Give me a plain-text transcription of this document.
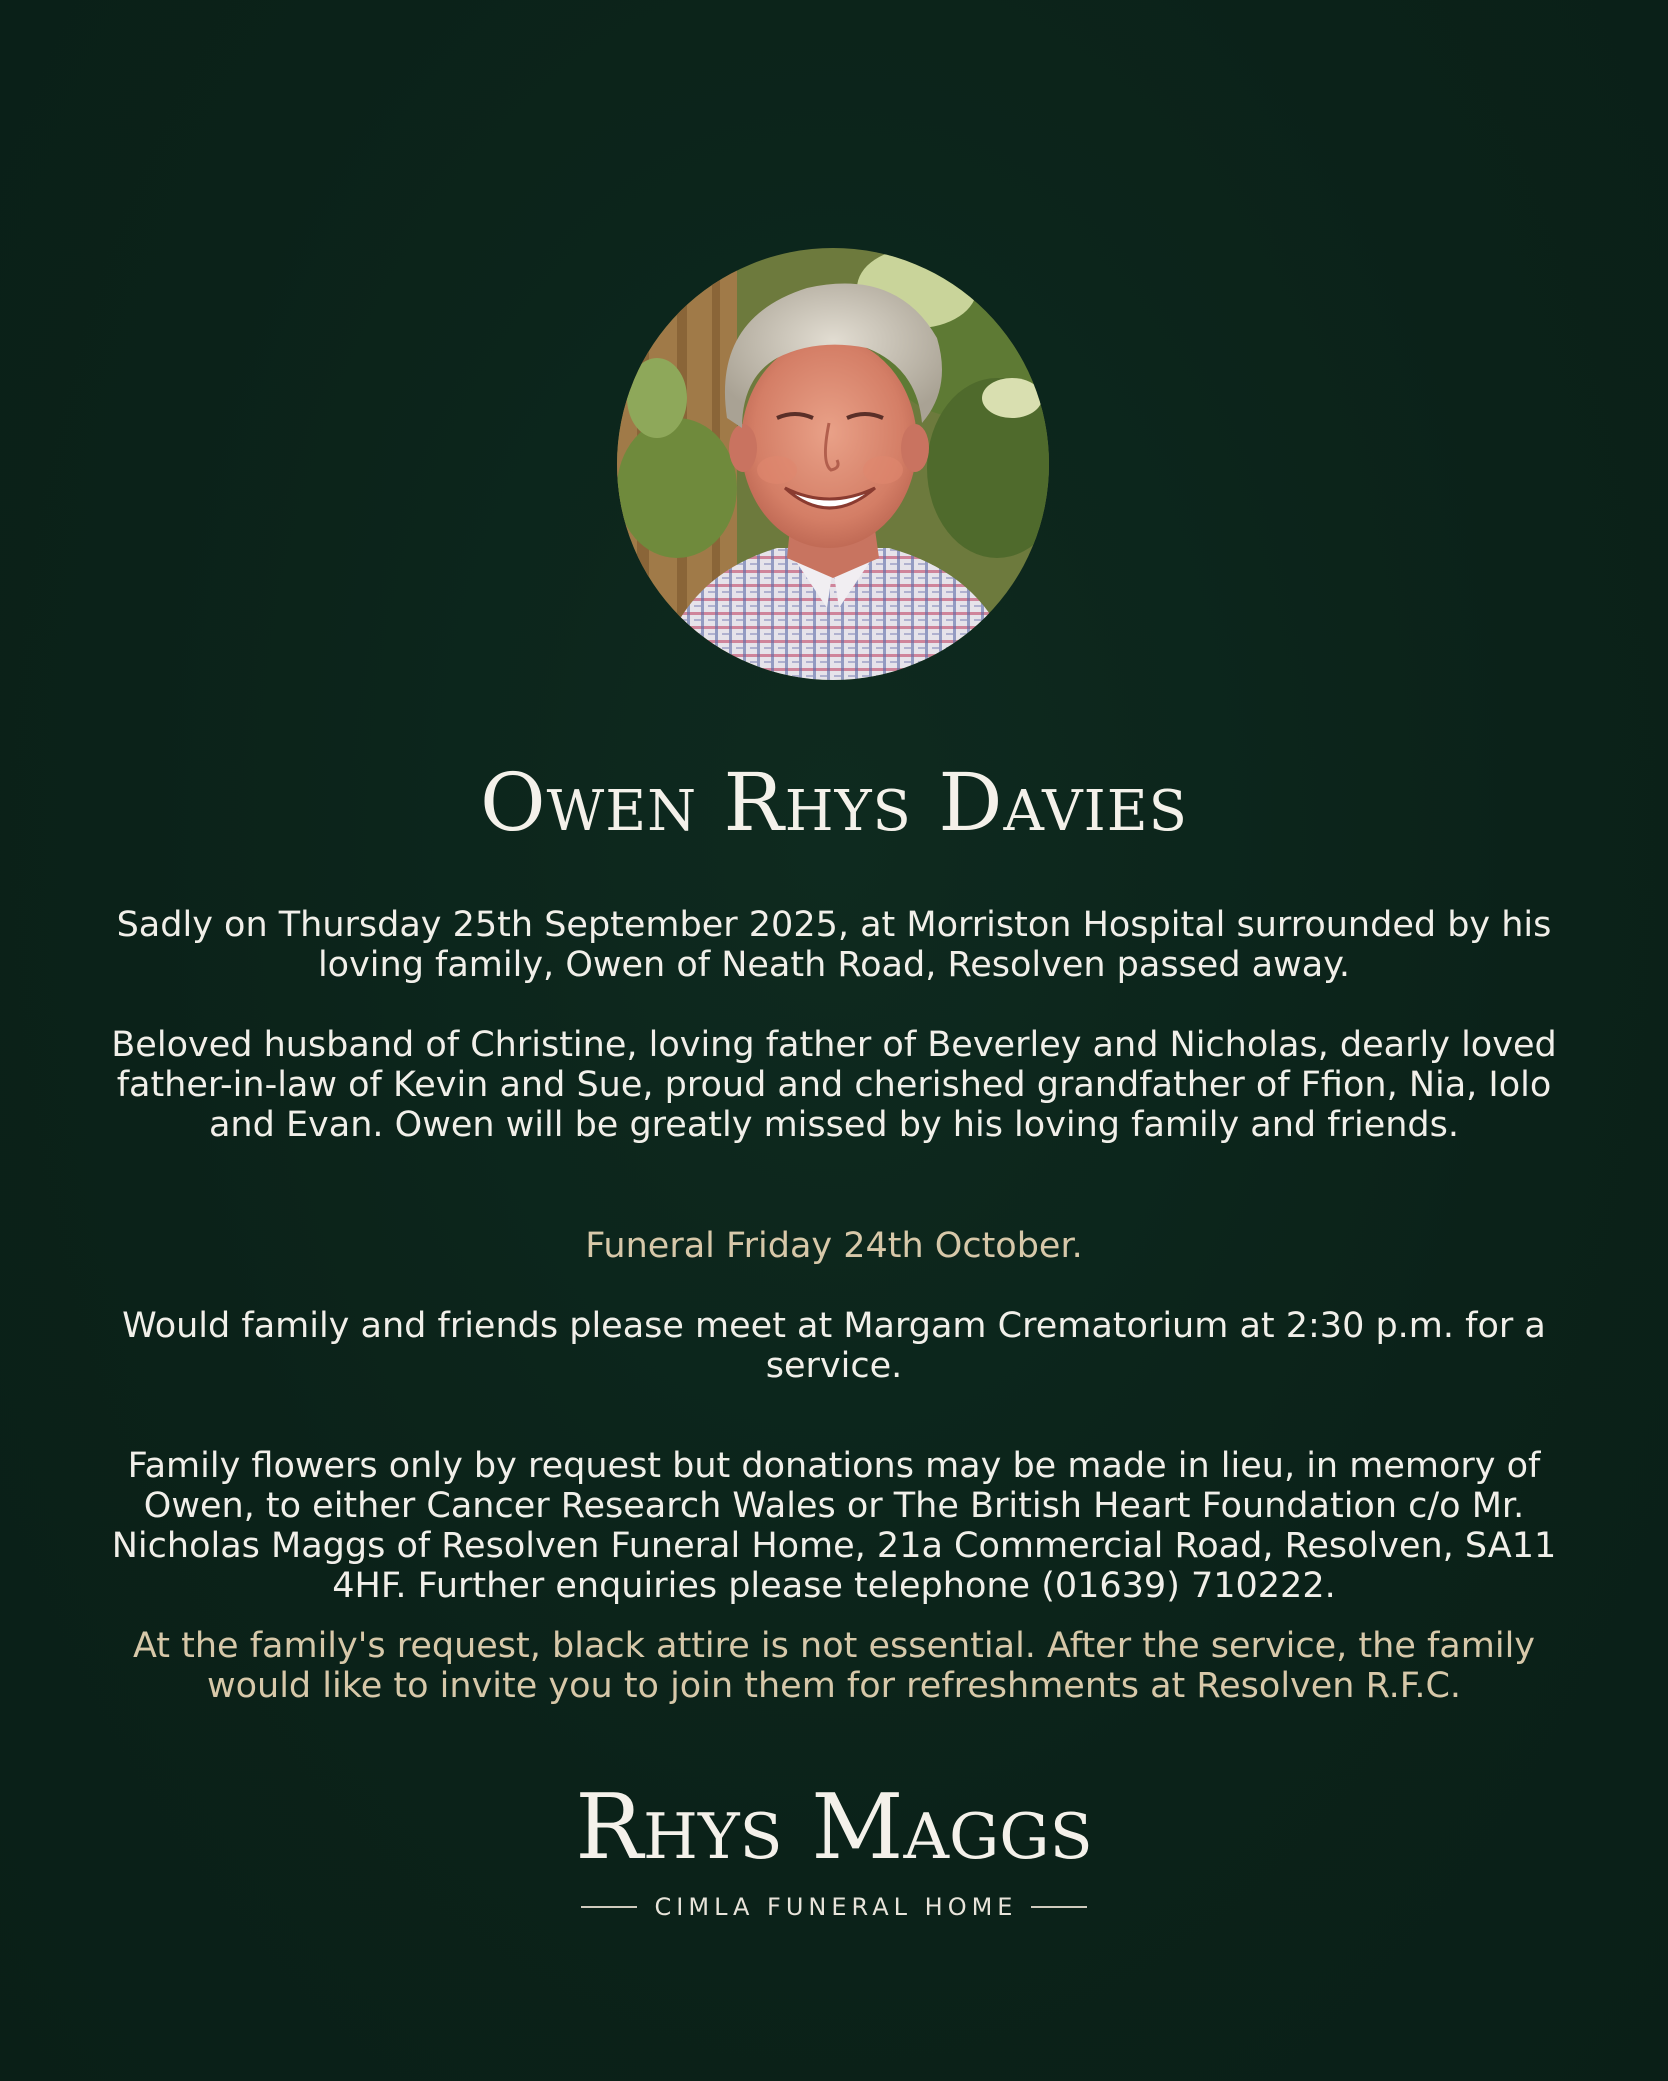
Owen Rhys Davies

Sadly on Thursday 25th September 2025, at Morriston Hospital surrounded by his loving family, Owen of Neath Road, Resolven passed away.

Beloved husband of Christine, loving father of Beverley and Nicholas, dearly loved father-in-law of Kevin and Sue, proud and cherished grandfather of Ffion, Nia, Iolo and Evan. Owen will be greatly missed by his loving family and friends.

Funeral Friday 24th October.

Would family and friends please meet at Margam Crematorium at 2:30 p.m. for a service.

Family flowers only by request but donations may be made in lieu, in memory of Owen, to either Cancer Research Wales or The British Heart Foundation c/o Mr. Nicholas Maggs of Resolven Funeral Home, 21a Commercial Road, Resolven, SA11 4HF. Further enquiries please telephone (01639) 710222.

At the family's request, black attire is not essential. After the service, the family would like to invite you to join them for refreshments at Resolven R.F.C.

Rhys Maggs
CIMLA FUNERAL HOME
